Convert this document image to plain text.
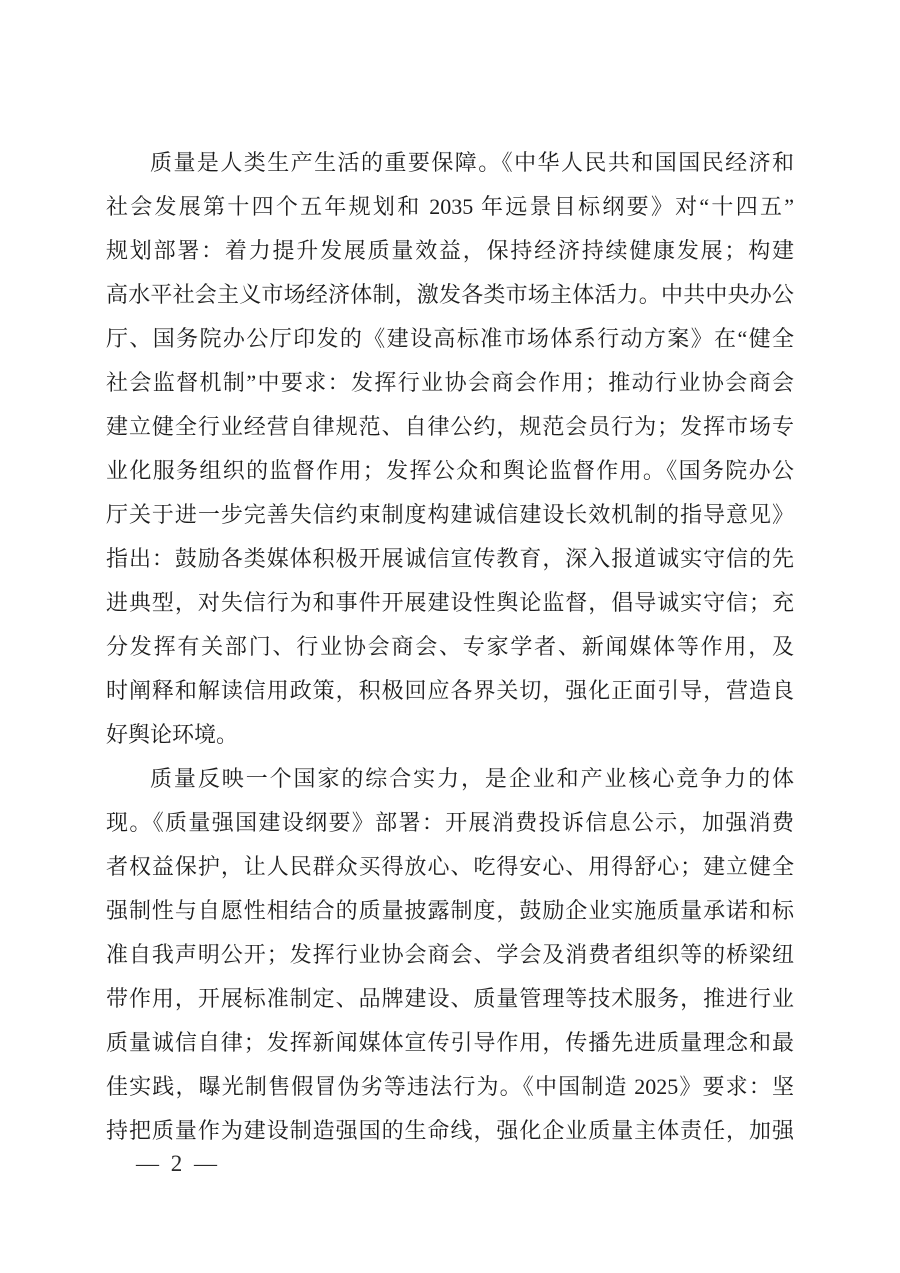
质量是人类生产生活的重要保障。《中华人民共和国国民经济和
社会发展第十四个五年规划和 2035 年远景目标纲要》对“十四五”
规划部署：着力提升发展质量效益，保持经济持续健康发展；构建
高水平社会主义市场经济体制，激发各类市场主体活力。中共中央办公
厅、国务院办公厅印发的《建设高标准市场体系行动方案》在“健全
社会监督机制”中要求：发挥行业协会商会作用；推动行业协会商会
建立健全行业经营自律规范、自律公约，规范会员行为；发挥市场专
业化服务组织的监督作用；发挥公众和舆论监督作用。《国务院办公
厅关于进一步完善失信约束制度构建诚信建设长效机制的指导意见》
指出：鼓励各类媒体积极开展诚信宣传教育，深入报道诚实守信的先
进典型，对失信行为和事件开展建设性舆论监督，倡导诚实守信；充
分发挥有关部门、行业协会商会、专家学者、新闻媒体等作用，及
时阐释和解读信用政策，积极回应各界关切，强化正面引导，营造良
好舆论环境。
质量反映一个国家的综合实力，是企业和产业核心竞争力的体
现。《质量强国建设纲要》部署：开展消费投诉信息公示，加强消费
者权益保护，让人民群众买得放心、吃得安心、用得舒心；建立健全
强制性与自愿性相结合的质量披露制度，鼓励企业实施质量承诺和标
准自我声明公开；发挥行业协会商会、学会及消费者组织等的桥梁纽
带作用，开展标准制定、品牌建设、质量管理等技术服务，推进行业
质量诚信自律；发挥新闻媒体宣传引导作用，传播先进质量理念和最
佳实践，曝光制售假冒伪劣等违法行为。《中国制造 2025》要求：坚
持把质量作为建设制造强国的生命线，强化企业质量主体责任，加强
— 2 —
